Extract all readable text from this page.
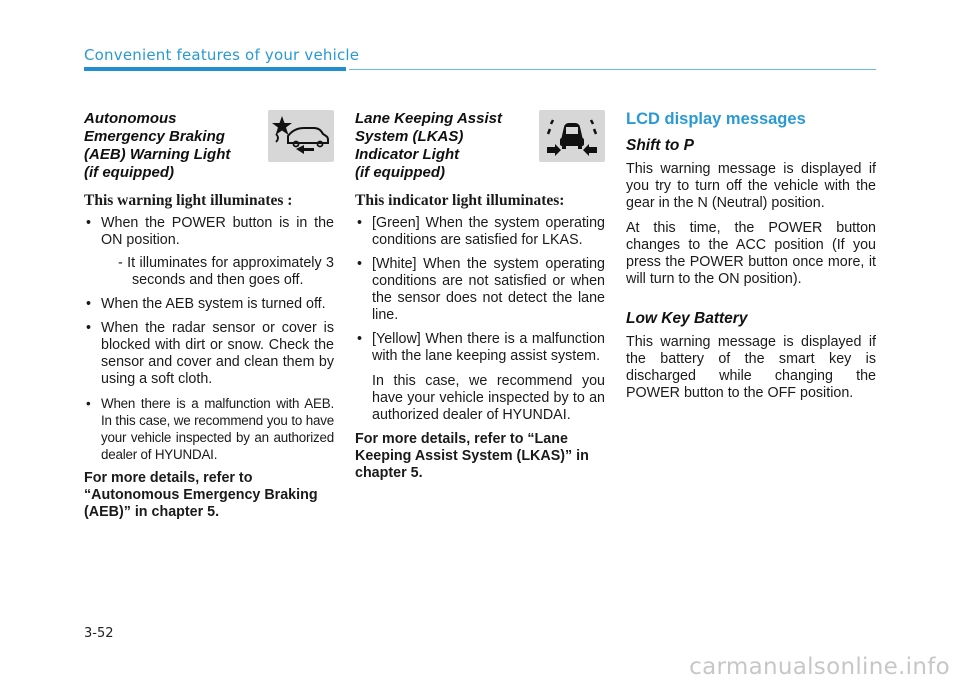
Convenient features of your vehicle
Autonomous
Emergency Braking
(AEB) Warning Light
(if equipped)
This warning light illuminates :
• When the POWER button is in the ON position.
- It illuminates for approximately 3 seconds and then goes off.
• When the AEB system is turned off.
• When the radar sensor or cover is blocked with dirt or snow. Check the sensor and cover and clean them by using a soft cloth.
• When there is a malfunction with AEB. In this case, we recommend you to have your vehicle inspected by an authorized dealer of HYUNDAI.
For more details, refer to “Autonomous Emergency Braking (AEB)” in chapter 5.
Lane Keeping Assist
System (LKAS)
Indicator Light
(if equipped)
This indicator light illuminates:
• [Green] When the system operating conditions are satisfied for LKAS.
• [White] When the system operating conditions are not satisfied or when the sensor does not detect the lane line.
• [Yellow] When there is a malfunction with the lane keeping assist system.
In this case, we recommend you have your vehicle inspected by to an authorized dealer of HYUNDAI.
For more details, refer to “Lane Keeping Assist System (LKAS)” in chapter 5.
LCD display messages
Shift to P

This warning message is displayed if you try to turn off the vehicle with the gear in the N (Neutral) position.

At this time, the POWER button changes to the ACC position (If you press the POWER button once more, it will turn to the ON position).

Low Key Battery

This warning message is displayed if the battery of the smart key is discharged while changing the POWER button to the OFF position.

3-52
carmanualsonline.info
